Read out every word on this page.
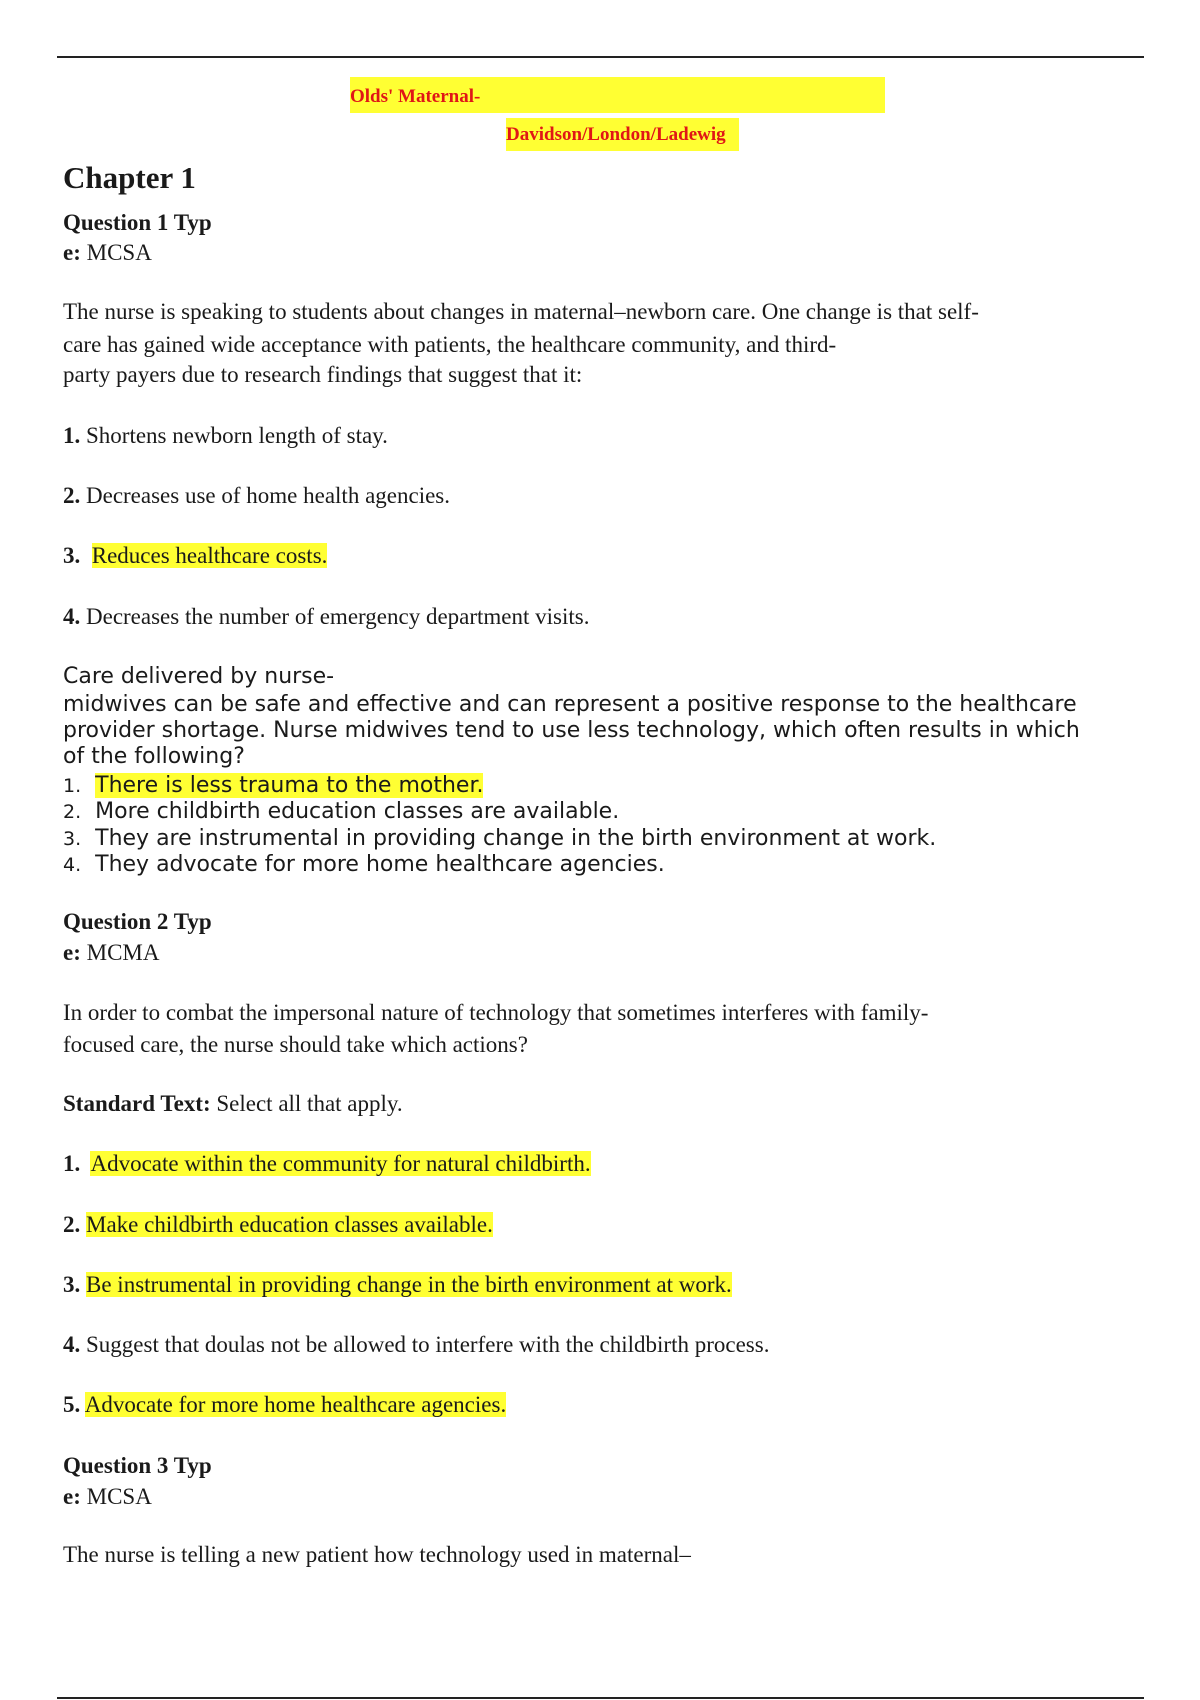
Olds' Maternal-
Davidson/London/Ladewig
Chapter 1
Question 1 Typ
e: MCSA
The nurse is speaking to students about changes in maternal–newborn care. One change is that self-
care has gained wide acceptance with patients, the healthcare community, and third-
party payers due to research findings that suggest that it:
1. Shortens newborn length of stay.
2. Decreases use of home health agencies.
3. Reduces healthcare costs.
4. Decreases the number of emergency department visits.
Care delivered by nurse-
midwives can be safe and effective and can represent a positive response to the healthcare
provider shortage. Nurse midwives tend to use less technology, which often results in which
of the following?
1. There is less trauma to the mother.
2. More childbirth education classes are available.
3. They are instrumental in providing change in the birth environment at work.
4. They advocate for more home healthcare agencies.
Question 2 Typ
e: MCMA
In order to combat the impersonal nature of technology that sometimes interferes with family-
focused care, the nurse should take which actions?
Standard Text: Select all that apply.
1. Advocate within the community for natural childbirth.
2. Make childbirth education classes available.
3. Be instrumental in providing change in the birth environment at work.
4. Suggest that doulas not be allowed to interfere with the childbirth process.
5. Advocate for more home healthcare agencies.
Question 3 Typ
e: MCSA
The nurse is telling a new patient how technology used in maternal–
